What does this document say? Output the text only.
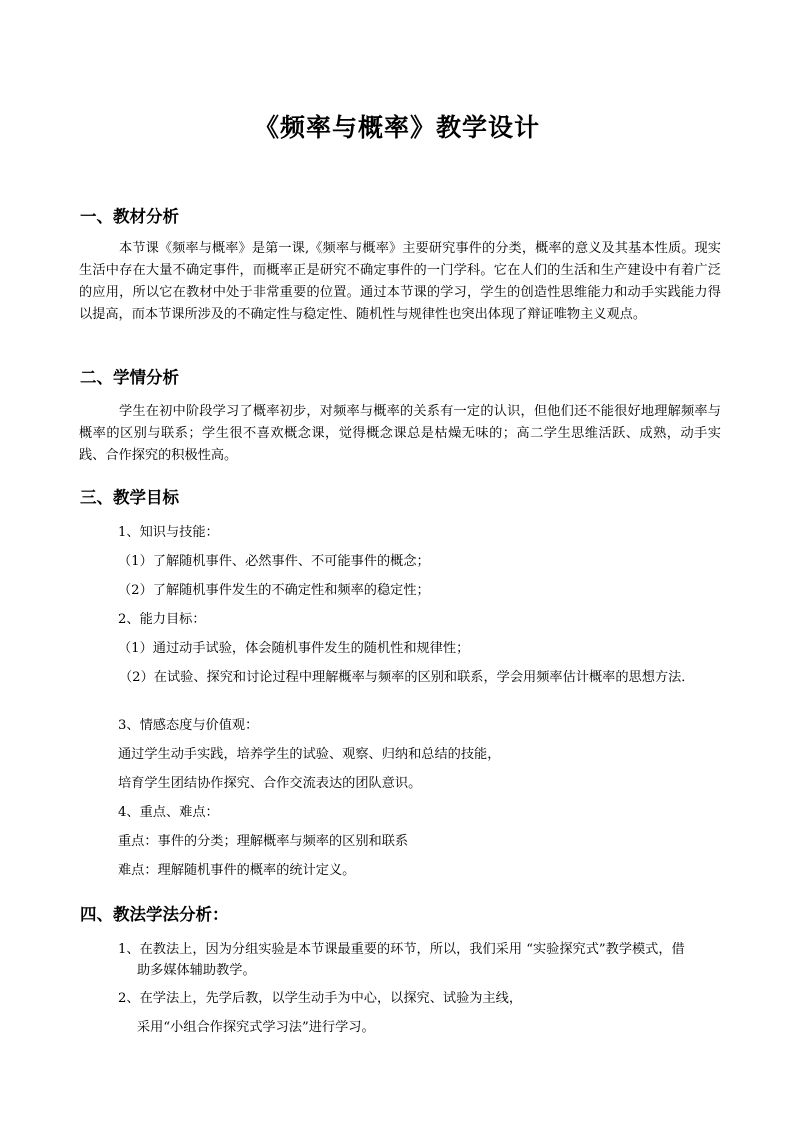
《频率与概率》教学设计
一、教材分析
本节课《频率与概率》是第一课,《频率与概率》主要研究事件的分类，概率的意义及其基本性质。现实生活中存在大量不确定事件，而概率正是研究不确定事件的一门学科。它在人们的生活和生产建设中有着广泛的应用，所以它在教材中处于非常重要的位置。通过本节课的学习，学生的创造性思维能力和动手实践能力得以提高，而本节课所涉及的不确定性与稳定性、随机性与规律性也突出体现了辩证唯物主义观点。
二、学情分析
学生在初中阶段学习了概率初步，对频率与概率的关系有一定的认识，但他们还不能很好地理解频率与概率的区别与联系；学生很不喜欢概念课，觉得概念课总是枯燥无味的；高二学生思维活跃、成熟，动手实践、合作探究的积极性高。
三、教学目标
1、知识与技能：
（1）了解随机事件、必然事件、不可能事件的概念；
（2）了解随机事件发生的不确定性和频率的稳定性；
2、能力目标：
（1）通过动手试验，体会随机事件发生的随机性和规律性；
（2）在试验、探究和讨论过程中理解概率与频率的区别和联系，学会用频率估计概率的思想方法．
3、情感态度与价值观：
通过学生动手实践，培养学生的试验、观察、归纳和总结的技能，
培育学生团结协作探究、合作交流表达的团队意识。
4、重点、难点：
重点：事件的分类；理解概率与频率的区别和联系
难点：理解随机事件的概率的统计定义。
四、教法学法分析：
1、在教法上，因为分组实验是本节课最重要的环节，所以，我们采用 “实验探究式”教学模式，借
助多媒体辅助教学。
2、在学法上，先学后教，以学生动手为中心，以探究、试验为主线，
采用“小组合作探究式学习法”进行学习。
